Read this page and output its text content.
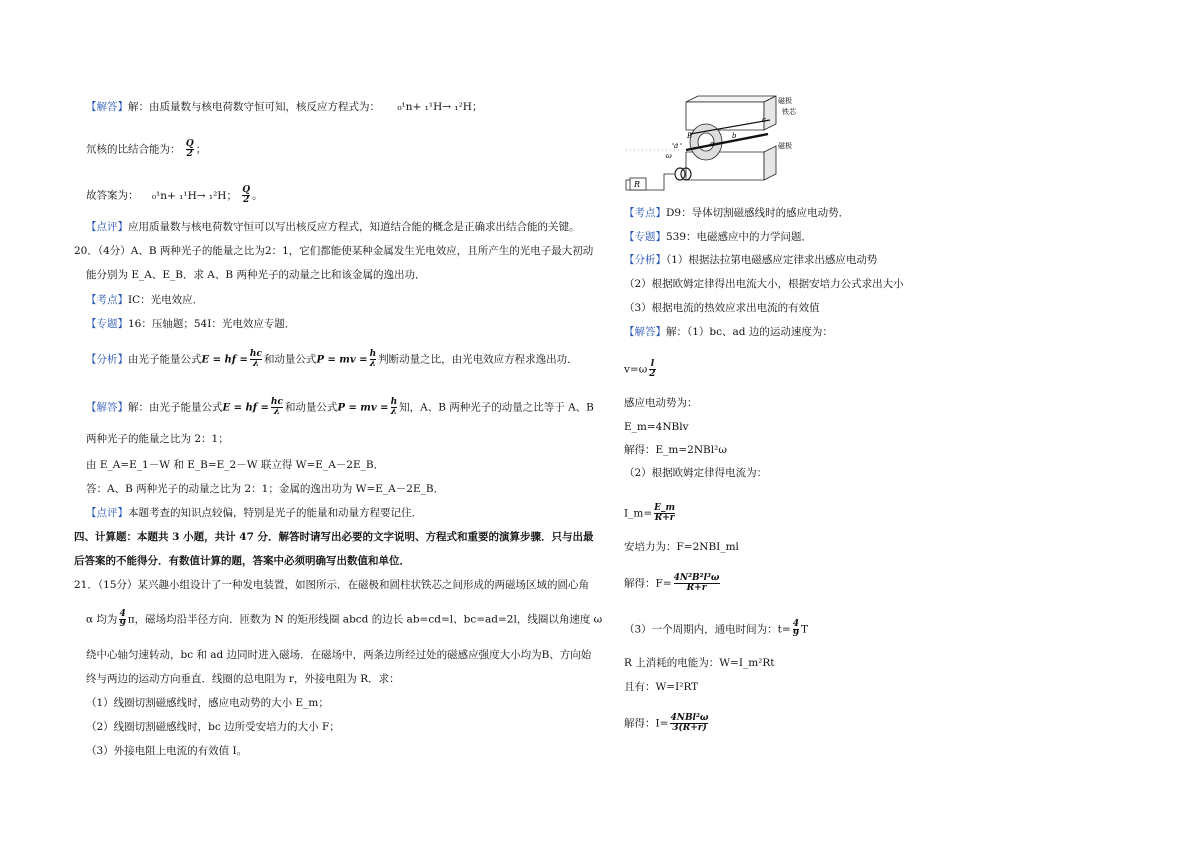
【解答】解：由质量数与核电荷数守恒可知，核反应方程式为： ₀¹n+ ₁¹H→ ₁²H；
氘核的比结合能为： $\frac{Q}{2}$ ；
故答案为： ₀¹n+ ₁¹H→ ₁²H； $\frac{Q}{2}$ 。
【点评】应用质量数与核电荷数守恒可以写出核反应方程式，知道结合能的概念是正确求出结合能的关键。
20．（4分）A、B 两种光子的能量之比为2：1，它们都能使某种金属发生光电效应，且所产生的光电子最大初动
能分别为 E_A、E_B．求 A、B 两种光子的动量之比和该金属的逸出功．
【考点】IC：光电效应．
【专题】16：压轴题；54I：光电效应专题．
【分析】由光子能量公式E = hf = $\frac{hc}{\lambda}$ 和动量公式P = mv = $\frac{h}{\lambda}$ 判断动量之比，由光电效应方程求逸出功．
【解答】解：由光子能量公式E = hf = $\frac{hc}{\lambda}$ 和动量公式P = mv = $\frac{h}{\lambda}$ 知，A、B 两种光子的动量之比等于 A、B
两种光子的能量之比为 2：1；
由 E_A=E_1－W 和 E_B=E_2－W 联立得 W=E_A－2E_B．
答：A、B 两种光子的动量之比为 2：1；金属的逸出功为 W=E_A－2E_B．
【点评】本题考查的知识点较偏，特别是光子的能量和动量方程要记住．
四、计算题：本题共 3 小题，共计 47 分．解答时请写出必要的文字说明、方程式和重要的演算步骤．只与出最
后答案的不能得分．有数值计算的题，答案中必须明确写出数值和单位．
21．（15分）某兴趣小组设计了一种发电装置，如图所示．在磁极和圆柱状铁芯之间形成的两磁场区域的圆心角
α 均为 $\frac{4}{9}$ π，磁场均沿半径方向．匝数为 N 的矩形线圈 abcd 的边长 ab=cd=l、bc=ad=2l，线圈以角速度 ω
绕中心轴匀速转动，bc 和 ad 边同时进入磁场．在磁场中，两条边所经过处的磁感应强度大小均为B、方向始
终与两边的运动方向垂直．线圈的总电阻为 r，外接电阻为 R．求：
（1）线圈切割磁感线时，感应电动势的大小 E_m；
（2）线圈切割磁感线时，bc 边所受安培力的大小 F；
（3）外接电阻上电流的有效值 I。
磁极
铁芯
磁极
a
b
c
ω
α
B
R
【考点】D9：导体切割磁感线时的感应电动势．
【专题】539：电磁感应中的力学问题．
【分析】（1）根据法拉第电磁感应定律求出感应电动势
（2）根据欧姆定律得出电流大小，根据安培力公式求出大小
（3）根据电流的热效应求出电流的有效值
【解答】解：（1）bc、ad 边的运动速度为：
$v=\omega \frac{l}{2}$
感应电动势为：
E_m=4NBlv
解得：E_m=2NBl²ω
（2）根据欧姆定律得电流为：
I_m= $\frac{E\_m}{R+r}$
安培力为：F=2NBI_ml
解得：$F= \frac{\text{4N²B²l³ω}}{R+r}$
（3）一个周期内，通电时间为：$t= \frac{4}{9}$ T
R 上消耗的电能为：W=I_m²Rt
且有：W=I²RT
解得：$I= \frac{\text{4NBl²ω}}{3(R+r)}$
